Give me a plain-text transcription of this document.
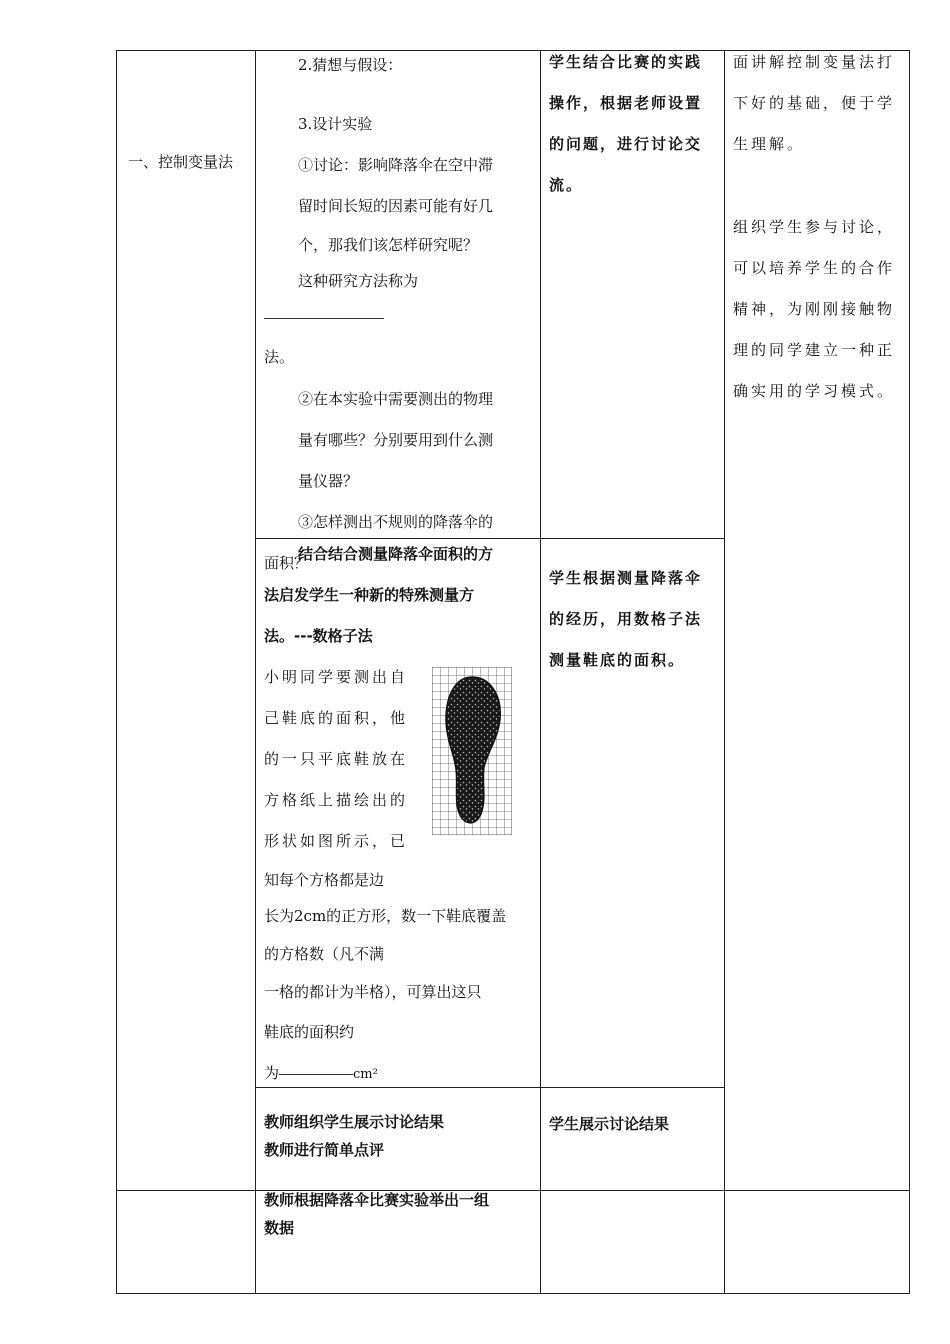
一、控制变量法

2.猜想与假设：

3.设计实验

①讨论：影响降落伞在空中滞

留时间长短的因素可能有好几

个，那我们该怎样研究呢？

这种研究方法称为

法。

②在本实验中需要测出的物理

量有哪些？分别要用到什么测

量仪器？

③怎样测出不规则的降落伞的

面积？

学生结合比赛的实践

操作，根据老师设置

的问题，进行讨论交

流。

面讲解控制变量法打

下好的基础，便于学

生理解。

组织学生参与讨论，

可以培养学生的合作

精神，为刚刚接触物

理的同学建立一种正

确实用的学习模式。

结合结合测量降落伞面积的方

法启发学生一种新的特殊测量方

法。---数格子法

小明同学要测出自

己鞋底的面积，他

的一只平底鞋放在

方格纸上描绘出的

形状如图所示，已

知每个方格都是边

长为2cm的正方形，数一下鞋底覆盖

的方格数（凡不满

一格的都计为半格），可算出这只

鞋底的面积约

为	cm²

学生根据测量降落伞

的经历，用数格子法

测量鞋底的面积。

教师组织学生展示讨论结果

教师进行简单点评

学生展示讨论结果

教师根据降落伞比赛实验举出一组

数据
